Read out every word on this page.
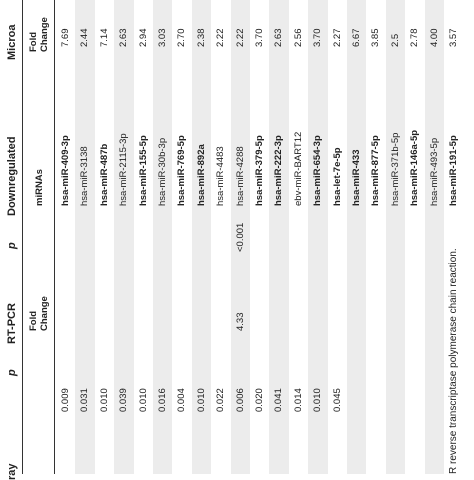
ray
p
RT-PCR
p
Downregulated
Microa
Fold Change
miRNAs
Fold Change
0.009
hsa-miR-409-3p
7.69
0.031
hsa-miR-3138
2.44
0.010
hsa-miR-487b
7.14
0.039
hsa-miR-2115-3p
2.63
0.010
hsa-miR-155-5p
2.94
0.016
hsa-miR-30b-3p
3.03
0.004
hsa-miR-769-5p
2.70
0.010
hsa-miR-892a
2.38
0.022
hsa-miR-4483
2.22
0.006
4.33
<0.001
hsa-miR-4288
2.22
0.020
hsa-miR-379-5p
3.70
0.041
hsa-miR-222-3p
2.63
0.014
ebv-miR-BART12
2.56
0.010
hsa-miR-654-3p
3.70
0.045
hsa-let-7e-5p
2.27
hsa-miR-433
6.67
hsa-miR-877-5p
3.85
hsa-miR-371b-5p
2.5
hsa-miR-146a-5p
2.78
hsa-miR-493-5p
4.00
hsa-miR-191-5p
3.57
R reverse transcriptase polymerase chain reaction.
